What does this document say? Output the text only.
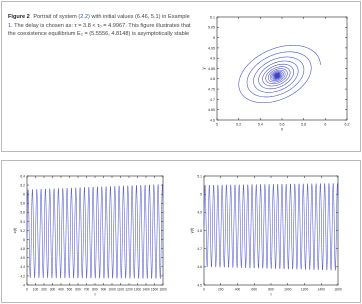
Figure 2 Portrait of system (2.2) with initial values (6.46, 5.1) in Example 1. The delay is chosen as: τ = 3.8 < τ₀ = 4.9967. This figure illustrates that the coexistence equilibrium E₂ = (5.5556, 4.8148) is asymptotically stable
5	5.2	5.4	5.6	5.8	6	6.2
4.6
4.65
4.7
4.75
4.8
4.85
4.9
4.95
5
5.05
5.1
x
y
0 100 200 300 400 500 600 700 800 900 1000 1100 1200 1300 1400 1500 1600
4
4.2
4.4
4.6
4.8
5
5.2
5.4
5.6
5.8
6
6.2
6.4
t
x(t)
0	200	400	600	800	1000	1200	1400	1600
4.5
4.6
4.7
4.8
4.9
5
5.1
t
y(t)
